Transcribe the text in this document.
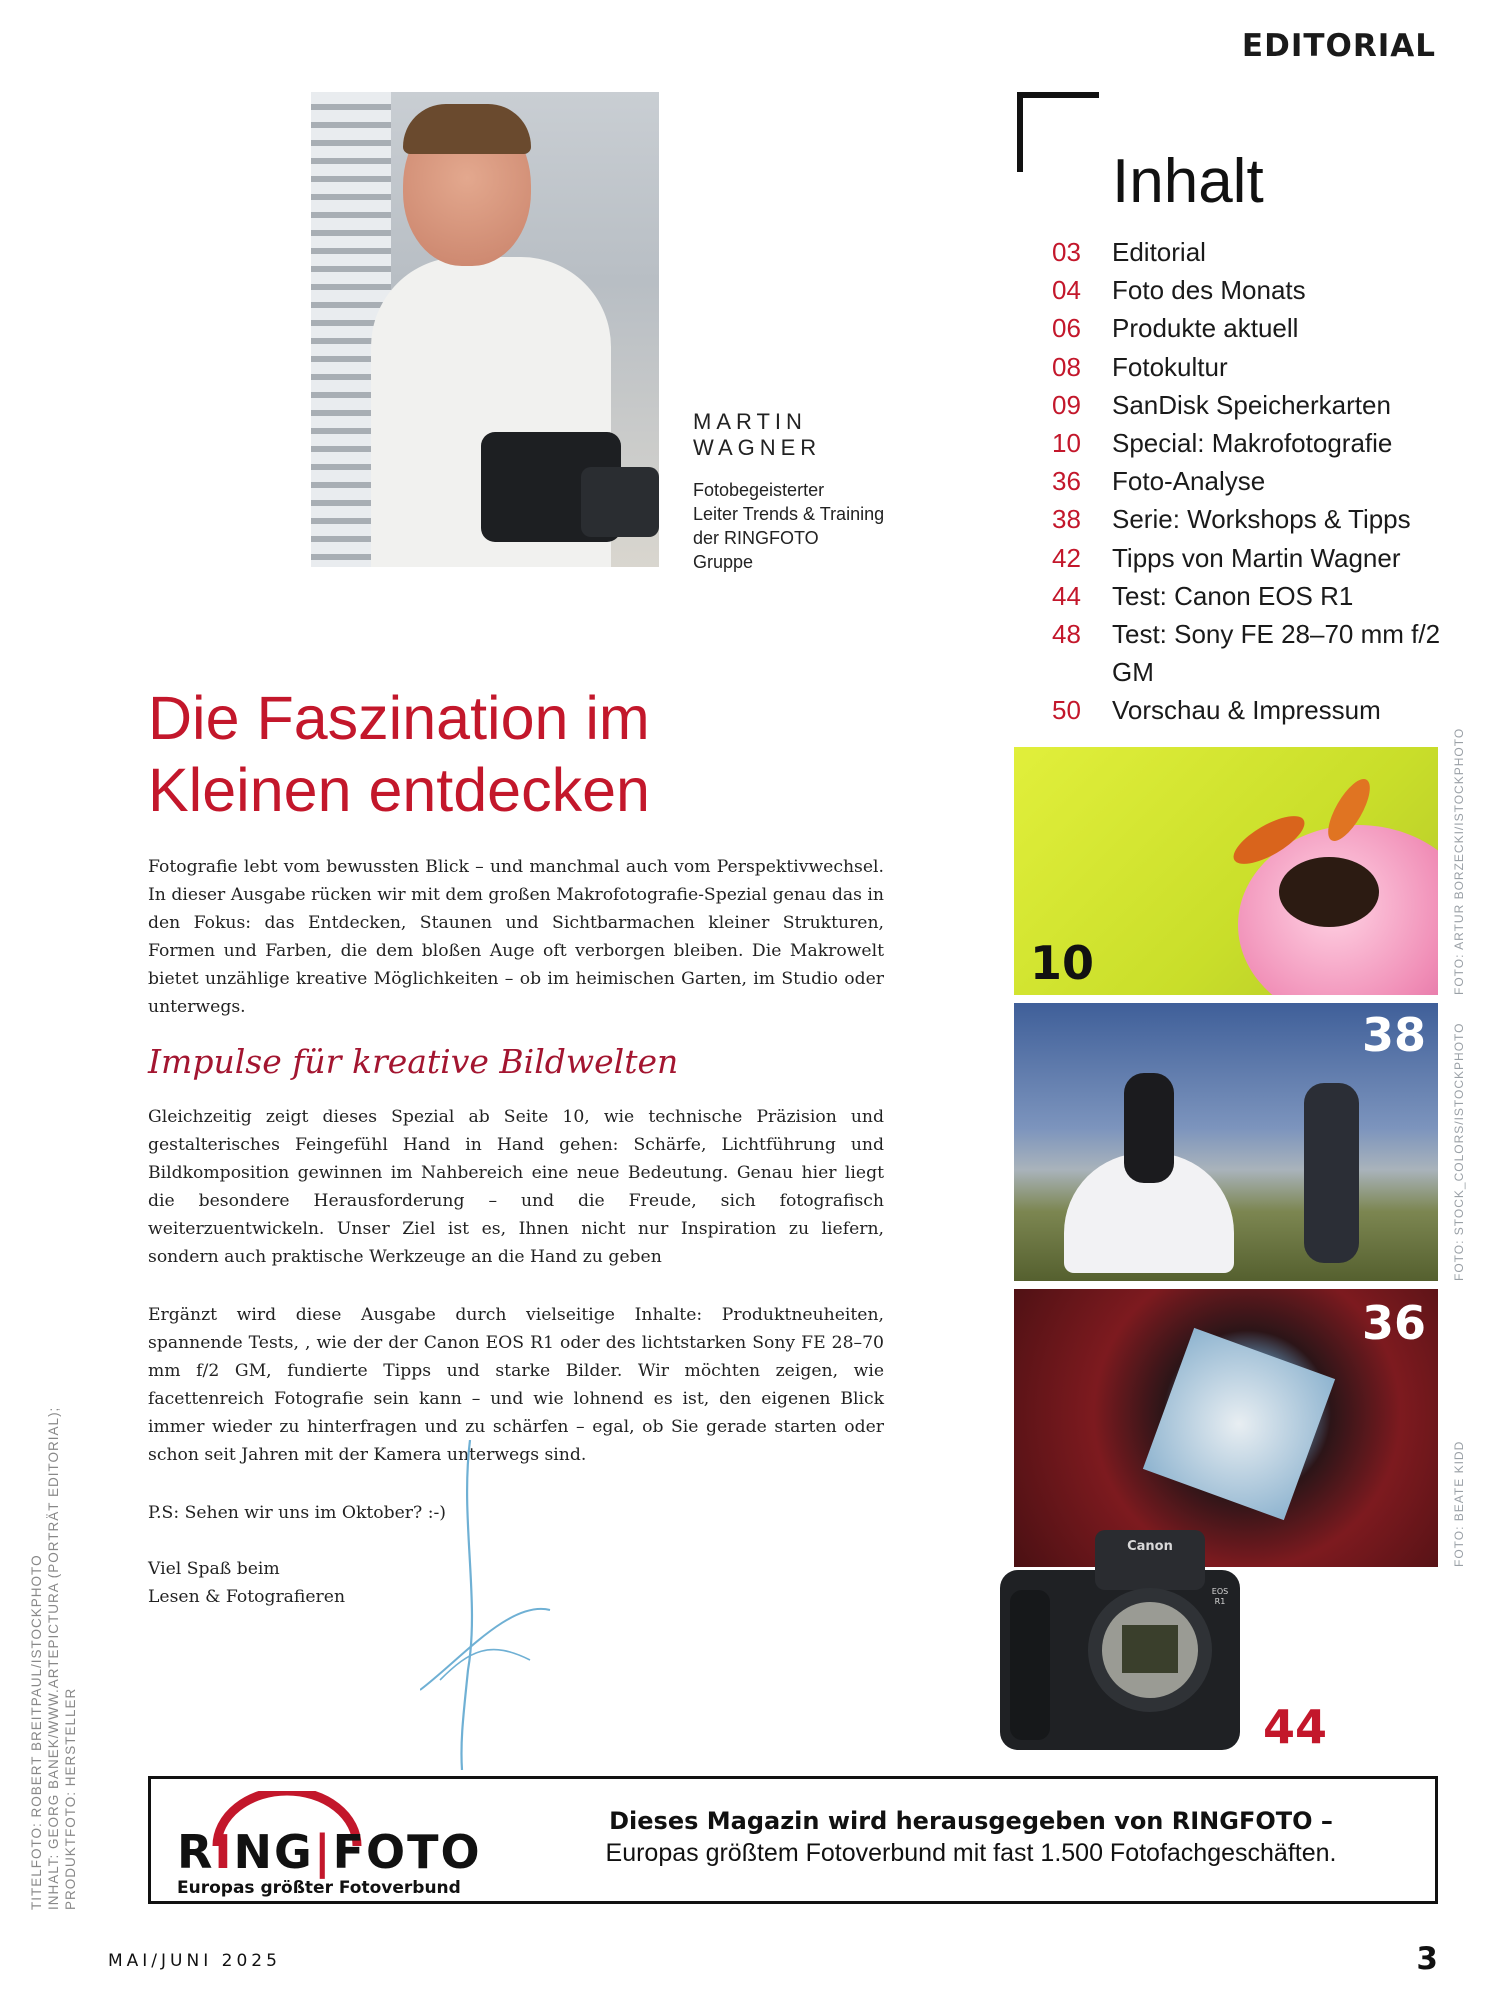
EDITORIAL
MARTIN
WAGNER
Fotobegeisterter
Leiter Trends & Training
der RINGFOTO
Gruppe
Inhalt
03	Editorial
04	Foto des Monats
06	Produkte aktuell
08	Fotokultur
09	SanDisk Speicherkarten
10	Special: Makrofotografie
36	Foto-Analyse
38	Serie: Workshops & Tipps
42	Tipps von Martin Wagner
44	Test: Canon EOS R1
48	Test: Sony FE 28–70 mm f/2 GM
50	Vorschau & Impressum
Die Faszination im
Kleinen entdecken
Fotografie lebt vom bewussten Blick – und manchmal auch vom Perspektivwechsel. In dieser Ausgabe rücken wir mit dem großen Makrofotografie-Spezial genau das in den Fokus: das Entdecken, Staunen und Sichtbarmachen kleiner Strukturen, Formen und Farben, die dem bloßen Auge oft verborgen bleiben. Die Makrowelt bietet unzählige kreative Möglichkeiten – ob im heimischen Garten, im Studio oder unterwegs.
Impulse für kreative Bildwelten
Gleichzeitig zeigt dieses Spezial ab Seite 10, wie technische Präzision und gestalterisches Feingefühl Hand in Hand gehen: Schärfe, Lichtführung und Bildkomposition gewinnen im Nahbereich eine neue Bedeutung. Genau hier liegt die besondere Herausforderung – und die Freude, sich fotografisch weiterzuentwickeln. Unser Ziel ist es, Ihnen nicht nur Inspiration zu liefern, sondern auch praktische Werkzeuge an die Hand zu geben
Ergänzt wird diese Ausgabe durch vielseitige Inhalte: Produktneuheiten, spannende Tests, , wie der der Canon EOS R1 oder des lichtstarken Sony FE 28–70 mm f/2 GM, fundierte Tipps und starke Bilder. Wir möchten zeigen, wie facettenreich Fotografie sein kann – und wie lohnend es ist, den eigenen Blick immer wieder zu hinterfragen und zu schärfen – egal, ob Sie gerade starten oder schon seit Jahren mit der Kamera unterwegs sind.
P.S: Sehen wir uns im Oktober? :-)
Viel Spaß beim
Lesen & Fotografieren
10
38
36
Canon
EOS
R1
44
FOTO: ARTUR BORZECKI/ISTOCKPHOTO
FOTO: STOCK_COLORS/ISTOCKPHOTO
FOTO: BEATE KIDD
TITELFOTO: ROBERT BREITPAUL/ISTOCKPHOTO INHALT: GEORG BANEK/WWW.ARTEPICTURA (PORTRÄT EDITORIAL); PRODUKTFOTO: HERSTELLER RING|FOTO
Europas größter Fotoverbund
Dieses Magazin wird herausgegeben von RINGFOTO –
Europas größtem Fotoverbund mit fast 1.500 Fotofachgeschäften.
MAI/JUNI 2025	3
